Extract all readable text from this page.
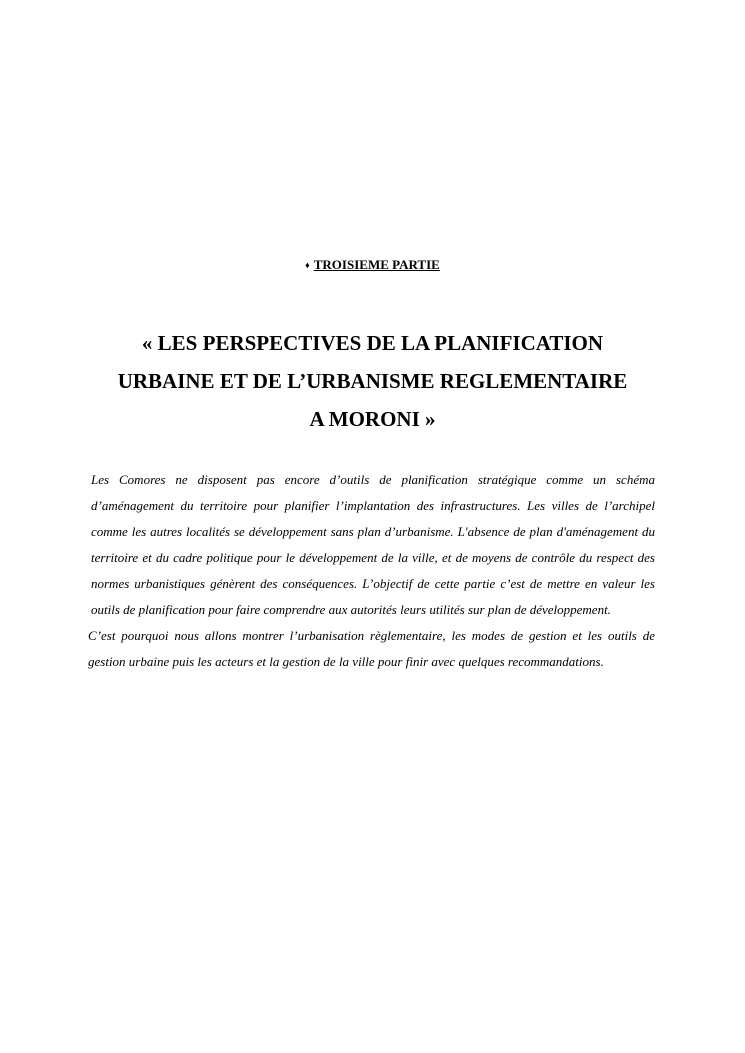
♦ TROISIEME PARTIE
« LES PERSPECTIVES DE LA PLANIFICATION
URBAINE ET DE L’URBANISME REGLEMENTAIRE
A MORONI »

Les Comores ne disposent pas encore d’outils de planification stratégique comme un schéma d’aménagement du territoire pour planifier l’implantation des infrastructures. Les villes de l’archipel comme les autres localités se développement sans plan d’urbanisme. L'absence de plan d'aménagement du territoire et du cadre politique pour le développement de la ville, et de moyens de contrôle du respect des normes urbanistiques génèrent des conséquences. L’objectif de cette partie c’est de mettre en valeur les outils de planification pour faire comprendre aux autorités leurs utilités sur plan de développement.

C’est pourquoi nous allons montrer l’urbanisation règlementaire, les modes de gestion et les outils de gestion urbaine puis les acteurs et la gestion de la ville pour finir avec quelques recommandations.
